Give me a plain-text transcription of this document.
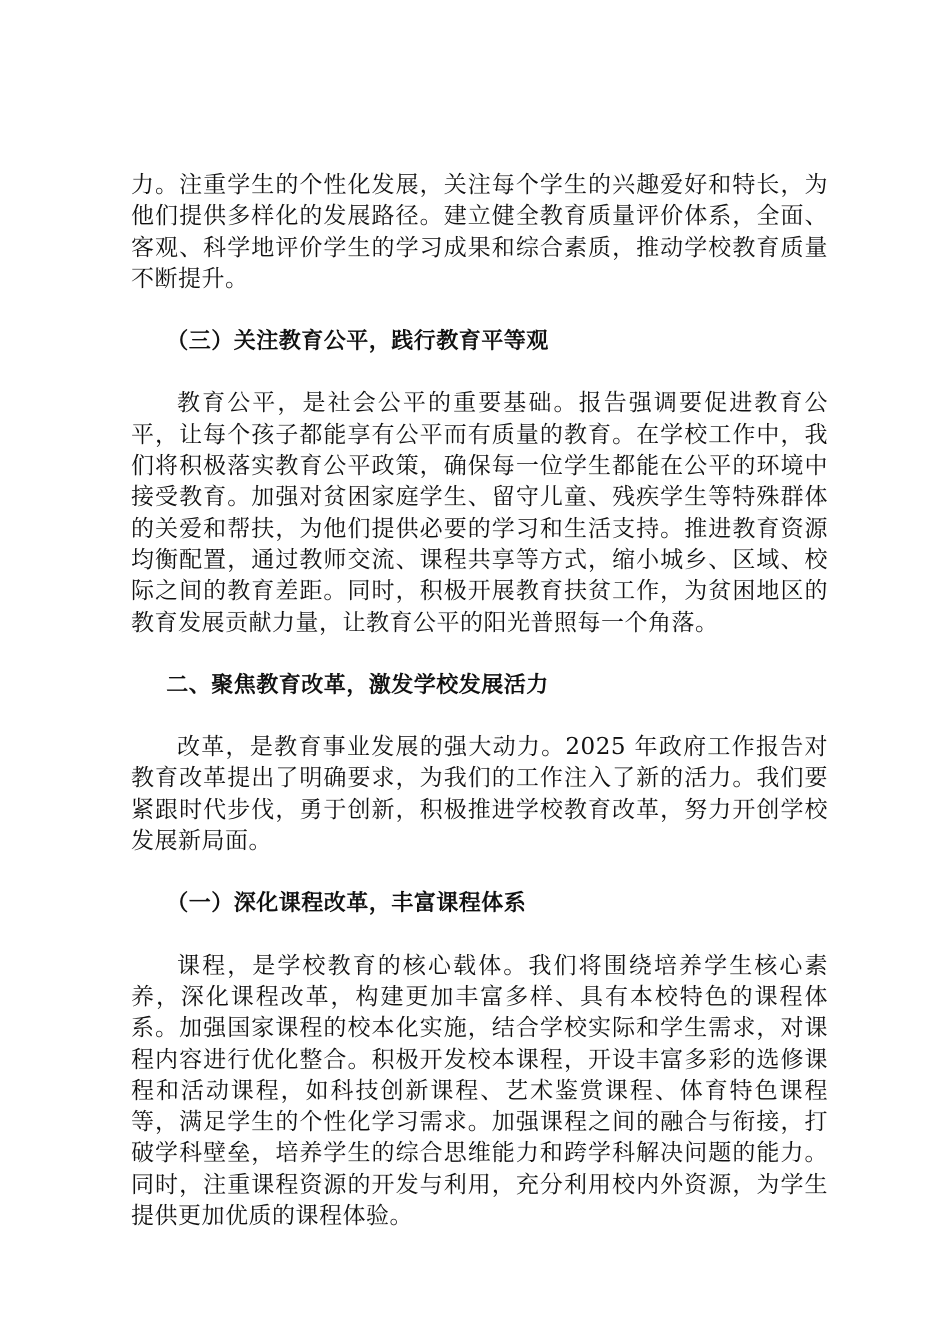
力。注重学生的个性化发展，关注每个学生的兴趣爱好和特长，为他们提供多样化的发展路径。建立健全教育质量评价体系，全面、客观、科学地评价学生的学习成果和综合素质，推动学校教育质量不断提升。

（三）关注教育公平，践行教育平等观

教育公平，是社会公平的重要基础。报告强调要促进教育公平，让每个孩子都能享有公平而有质量的教育。在学校工作中，我们将积极落实教育公平政策，确保每一位学生都能在公平的环境中接受教育。加强对贫困家庭学生、留守儿童、残疾学生等特殊群体的关爱和帮扶，为他们提供必要的学习和生活支持。推进教育资源均衡配置，通过教师交流、课程共享等方式，缩小城乡、区域、校际之间的教育差距。同时，积极开展教育扶贫工作，为贫困地区的教育发展贡献力量，让教育公平的阳光普照每一个角落。

二、聚焦教育改革，激发学校发展活力

改革，是教育事业发展的强大动力。2025 年政府工作报告对教育改革提出了明确要求，为我们的工作注入了新的活力。我们要紧跟时代步伐，勇于创新，积极推进学校教育改革，努力开创学校发展新局面。

（一）深化课程改革，丰富课程体系

课程，是学校教育的核心载体。我们将围绕培养学生核心素养，深化课程改革，构建更加丰富多样、具有本校特色的课程体系。加强国家课程的校本化实施，结合学校实际和学生需求，对课程内容进行优化整合。积极开发校本课程，开设丰富多彩的选修课程和活动课程，如科技创新课程、艺术鉴赏课程、体育特色课程等，满足学生的个性化学习需求。加强课程之间的融合与衔接，打破学科壁垒，培养学生的综合思维能力和跨学科解决问题的能力。同时，注重课程资源的开发与利用，充分利用校内外资源，为学生提供更加优质的课程体验。
